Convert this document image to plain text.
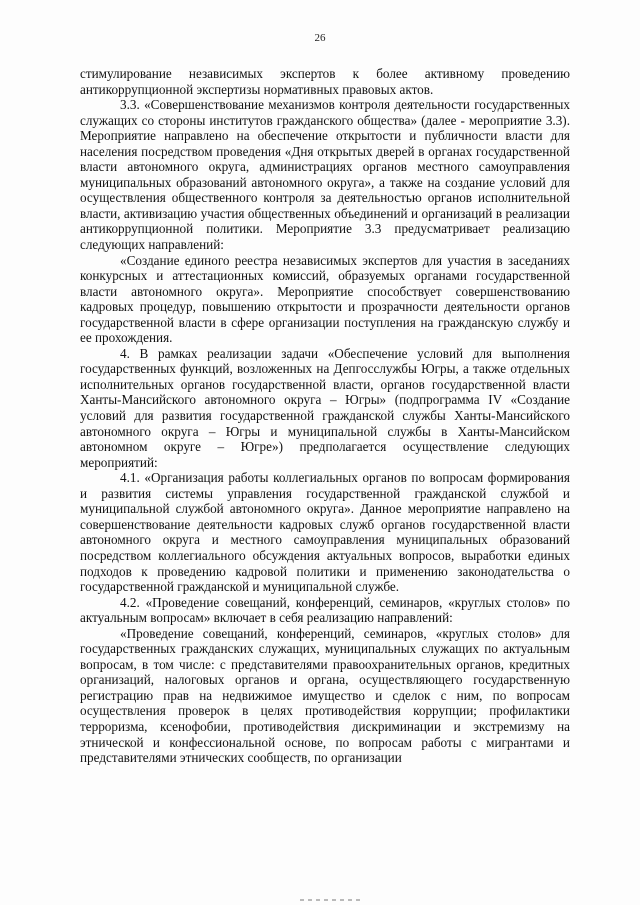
26

стимулирование независимых экспертов к более активному проведению антикоррупционной экспертизы нормативных правовых актов.

3.3. «Совершенствование механизмов контроля деятельности государственных служащих со стороны институтов гражданского общества» (далее - мероприятие 3.3). Мероприятие направлено на обеспечение открытости и публичности власти для населения посредством проведения «Дня открытых дверей в органах государственной власти автономного округа, администрациях органов местного самоуправления муниципальных образований автономного округа», а также на создание условий для осуществления общественного контроля за деятельностью органов исполнительной власти, активизацию участия общественных объединений и организаций в реализации антикоррупционной политики. Мероприятие 3.3 предусматривает реализацию следующих направлений:

«Создание единого реестра независимых экспертов для участия в заседаниях конкурсных и аттестационных комиссий, образуемых органами государственной власти автономного округа». Мероприятие способствует совершенствованию кадровых процедур, повышению открытости и прозрачности деятельности органов государственной власти в сфере организации поступления на гражданскую службу и ее прохождения.

4. В рамках реализации задачи «Обеспечение условий для выполнения государственных функций, возложенных на Депгосслужбы Югры, а также отдельных исполнительных органов государственной власти, органов государственной власти Ханты-Мансийского автономного округа – Югры» (подпрограмма IV «Создание условий для развития государственной гражданской службы Ханты-Мансийского автономного округа – Югры и муниципальной службы в Ханты-Мансийском автономном округе – Югре») предполагается осуществление следующих мероприятий:

4.1. «Организация работы коллегиальных органов по вопросам формирования и развития системы управления государственной гражданской службой и муниципальной службой автономного округа». Данное мероприятие направлено на совершенствование деятельности кадровых служб органов государственной власти автономного округа и местного самоуправления муниципальных образований посредством коллегиального обсуждения актуальных вопросов, выработки единых подходов к проведению кадровой политики и применению законодательства о государственной гражданской и муниципальной службе.

4.2. «Проведение совещаний, конференций, семинаров, «круглых столов» по актуальным вопросам» включает в себя реализацию направлений:

«Проведение совещаний, конференций, семинаров, «круглых столов» для государственных гражданских служащих, муниципальных служащих по актуальным вопросам, в том числе: с представителями правоохранительных органов, кредитных организаций, налоговых органов и органа, осуществляющего государственную регистрацию прав на недвижимое имущество и сделок с ним, по вопросам осуществления проверок в целях противодействия коррупции; профилактики терроризма, ксенофобии, противодействия дискриминации и экстремизму на этнической и конфессиональной основе, по вопросам работы с мигрантами и представителями этнических сообществ, по организации
